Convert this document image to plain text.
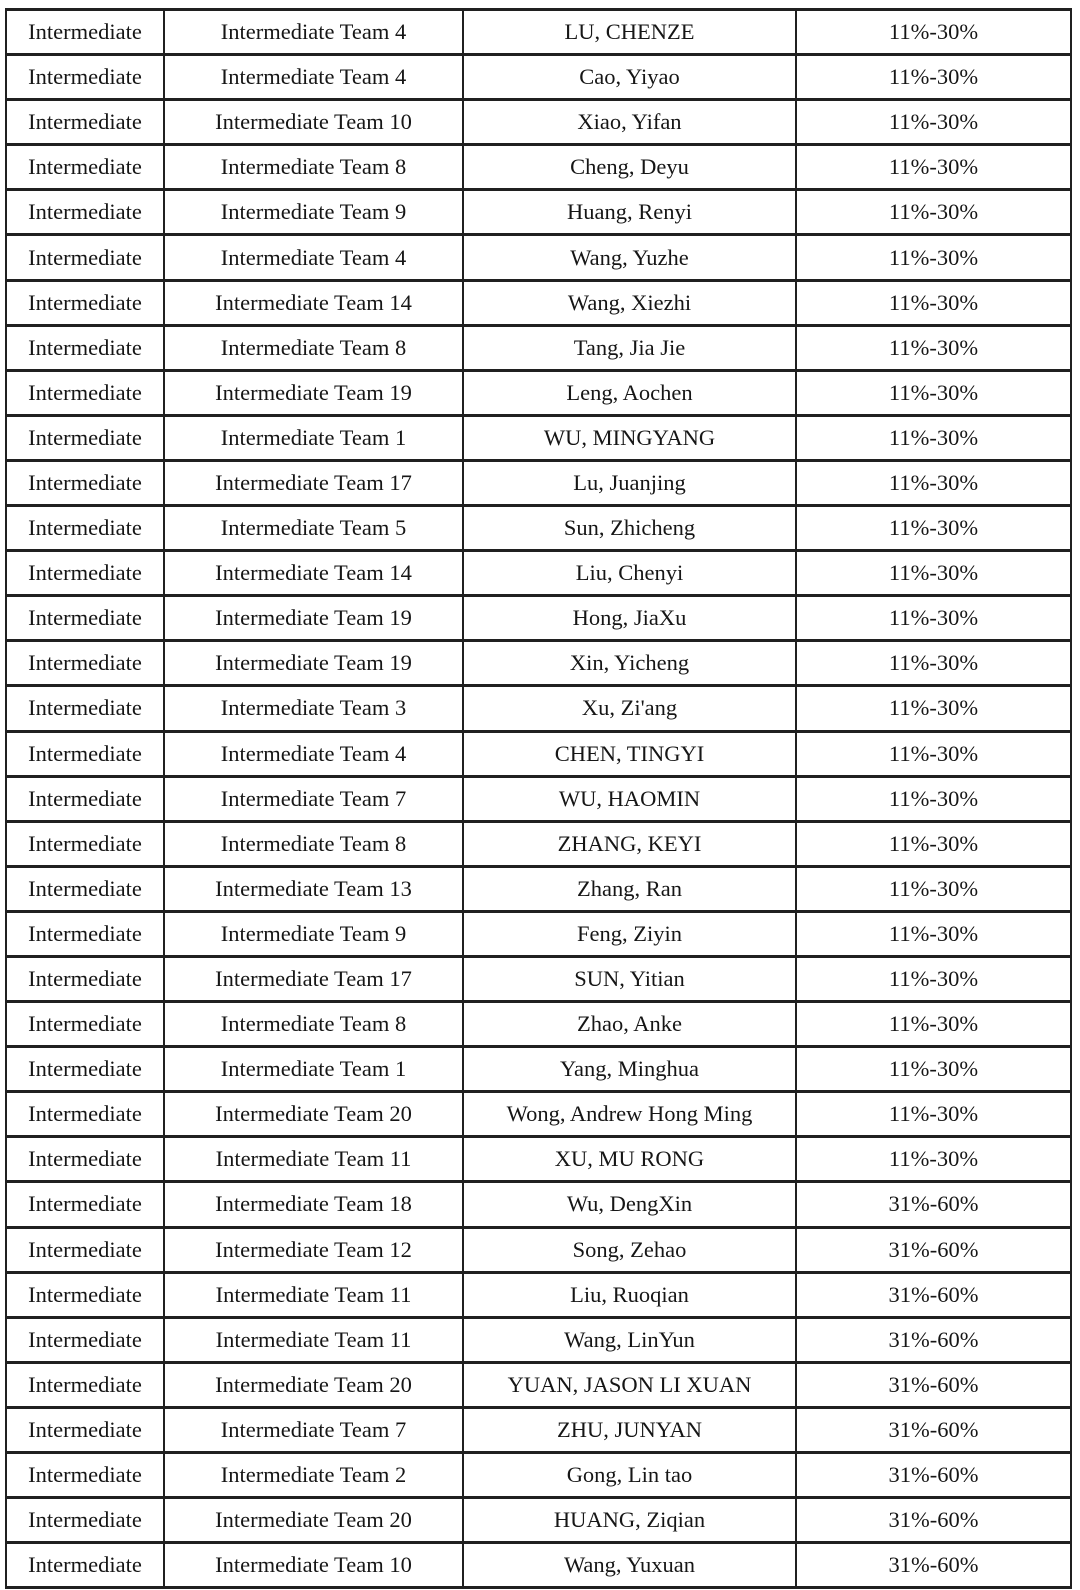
Intermediate	Intermediate Team 4	LU, CHENZE	11%-30%
Intermediate	Intermediate Team 4	Cao, Yiyao	11%-30%
Intermediate	Intermediate Team 10	Xiao, Yifan	11%-30%
Intermediate	Intermediate Team 8	Cheng, Deyu	11%-30%
Intermediate	Intermediate Team 9	Huang, Renyi	11%-30%
Intermediate	Intermediate Team 4	Wang, Yuzhe	11%-30%
Intermediate	Intermediate Team 14	Wang, Xiezhi	11%-30%
Intermediate	Intermediate Team 8	Tang, Jia Jie	11%-30%
Intermediate	Intermediate Team 19	Leng, Aochen	11%-30%
Intermediate	Intermediate Team 1	WU, MINGYANG	11%-30%
Intermediate	Intermediate Team 17	Lu, Juanjing	11%-30%
Intermediate	Intermediate Team 5	Sun, Zhicheng	11%-30%
Intermediate	Intermediate Team 14	Liu, Chenyi	11%-30%
Intermediate	Intermediate Team 19	Hong, JiaXu	11%-30%
Intermediate	Intermediate Team 19	Xin, Yicheng	11%-30%
Intermediate	Intermediate Team 3	Xu, Zi'ang	11%-30%
Intermediate	Intermediate Team 4	CHEN, TINGYI	11%-30%
Intermediate	Intermediate Team 7	WU, HAOMIN	11%-30%
Intermediate	Intermediate Team 8	ZHANG, KEYI	11%-30%
Intermediate	Intermediate Team 13	Zhang, Ran	11%-30%
Intermediate	Intermediate Team 9	Feng, Ziyin	11%-30%
Intermediate	Intermediate Team 17	SUN, Yitian	11%-30%
Intermediate	Intermediate Team 8	Zhao, Anke	11%-30%
Intermediate	Intermediate Team 1	Yang, Minghua	11%-30%
Intermediate	Intermediate Team 20	Wong, Andrew Hong Ming	11%-30%
Intermediate	Intermediate Team 11	XU, MU RONG	11%-30%
Intermediate	Intermediate Team 18	Wu, DengXin	31%-60%
Intermediate	Intermediate Team 12	Song, Zehao	31%-60%
Intermediate	Intermediate Team 11	Liu, Ruoqian	31%-60%
Intermediate	Intermediate Team 11	Wang, LinYun	31%-60%
Intermediate	Intermediate Team 20	YUAN, JASON LI XUAN	31%-60%
Intermediate	Intermediate Team 7	ZHU, JUNYAN	31%-60%
Intermediate	Intermediate Team 2	Gong, Lin tao	31%-60%
Intermediate	Intermediate Team 20	HUANG, Ziqian	31%-60%
Intermediate	Intermediate Team 10	Wang, Yuxuan	31%-60%
